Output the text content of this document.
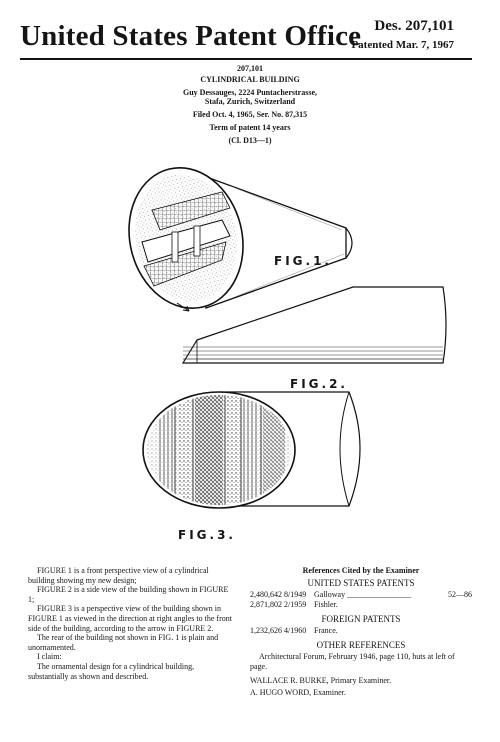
United States Patent Office Des. 207,101
Patented Mar. 7, 1967
207,101
CYLINDRICAL BUILDING
Guy Dessauges, 2224 Puntacherstrasse,
Stafa, Zurich, Switzerland
Filed Oct. 4, 1965, Ser. No. 87,315
Term of patent 14 years
(Cl. D13—1)
FIG.1.
FIG.2.
FIG.3.

FIGURE 1 is a front perspective view of a cylindrical building showing my new design;

FIGURE 2 is a side view of the building shown in FIGURE 1;

FIGURE 3 is a perspective view of the building shown in FIGURE 1 as viewed in the direction at right angles to the front side of the building, according to the arrow in FIGURE 2.

The rear of the building not shown in FIG. 1 is plain and unornamented.

I claim:

The ornamental design for a cylindrical building, substantially as shown and described.

References Cited by the Examiner
UNITED STATES PATENTS
2,480,642 8/1949 Galloway ________________	52—86
2,871,802 2/1959 Fishler.
FOREIGN PATENTS
1,232,626 4/1960 France.
OTHER REFERENCES

Architectural Forum, February 1946, page 110, huts at left of page.

WALLACE R. BURKE, Primary Examiner.
A. HUGO WORD, Examiner.
